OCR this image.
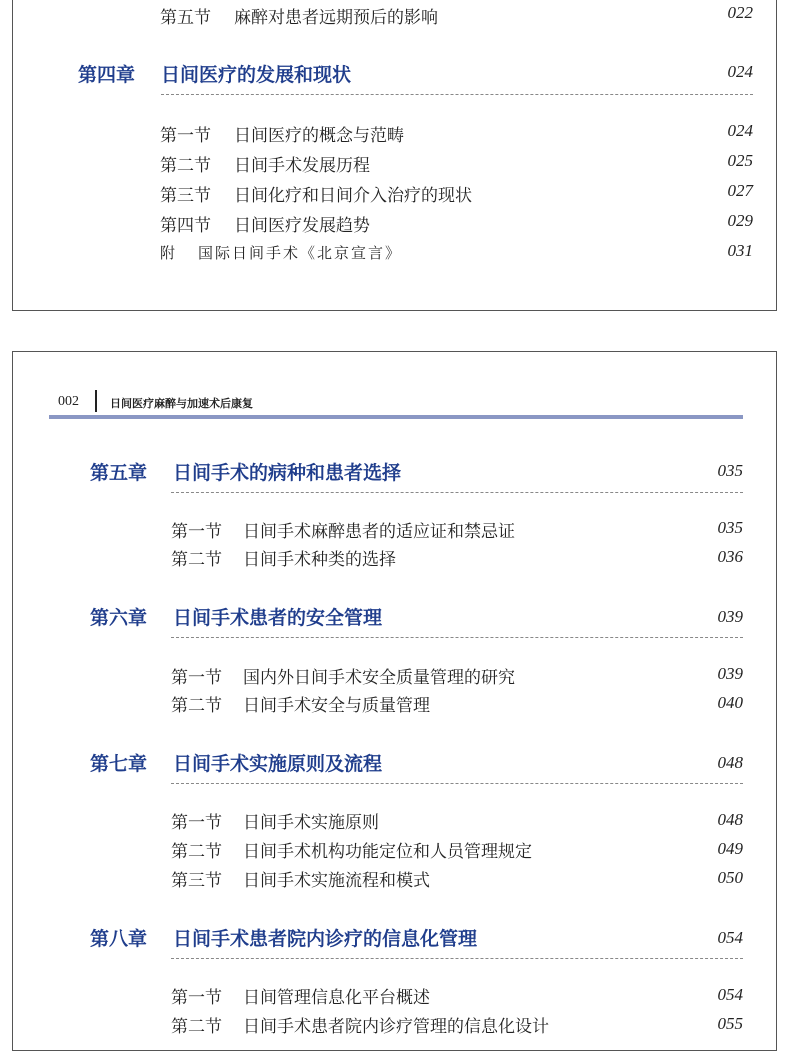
第五节 麻醉对患者远期预后的影响	022
第四章 日间医疗的发展和现状	024
第一节 日间医疗的概念与范畴	024
第二节 日间手术发展历程	025
第三节 日间化疗和日间介入治疗的现状	027
第四节 日间医疗发展趋势	029
附 国际日间手术《北京宣言》	031
002	日间医疗麻醉与加速术后康复
第五章 日间手术的病种和患者选择	035
第一节 日间手术麻醉患者的适应证和禁忌证	035
第二节 日间手术种类的选择	036
第六章 日间手术患者的安全管理	039
第一节 国内外日间手术安全质量管理的研究	039
第二节 日间手术安全与质量管理	040
第七章 日间手术实施原则及流程	048
第一节 日间手术实施原则	048
第二节 日间手术机构功能定位和人员管理规定	049
第三节 日间手术实施流程和模式	050
第八章 日间手术患者院内诊疗的信息化管理	054
第一节 日间管理信息化平台概述	054
第二节 日间手术患者院内诊疗管理的信息化设计	055
